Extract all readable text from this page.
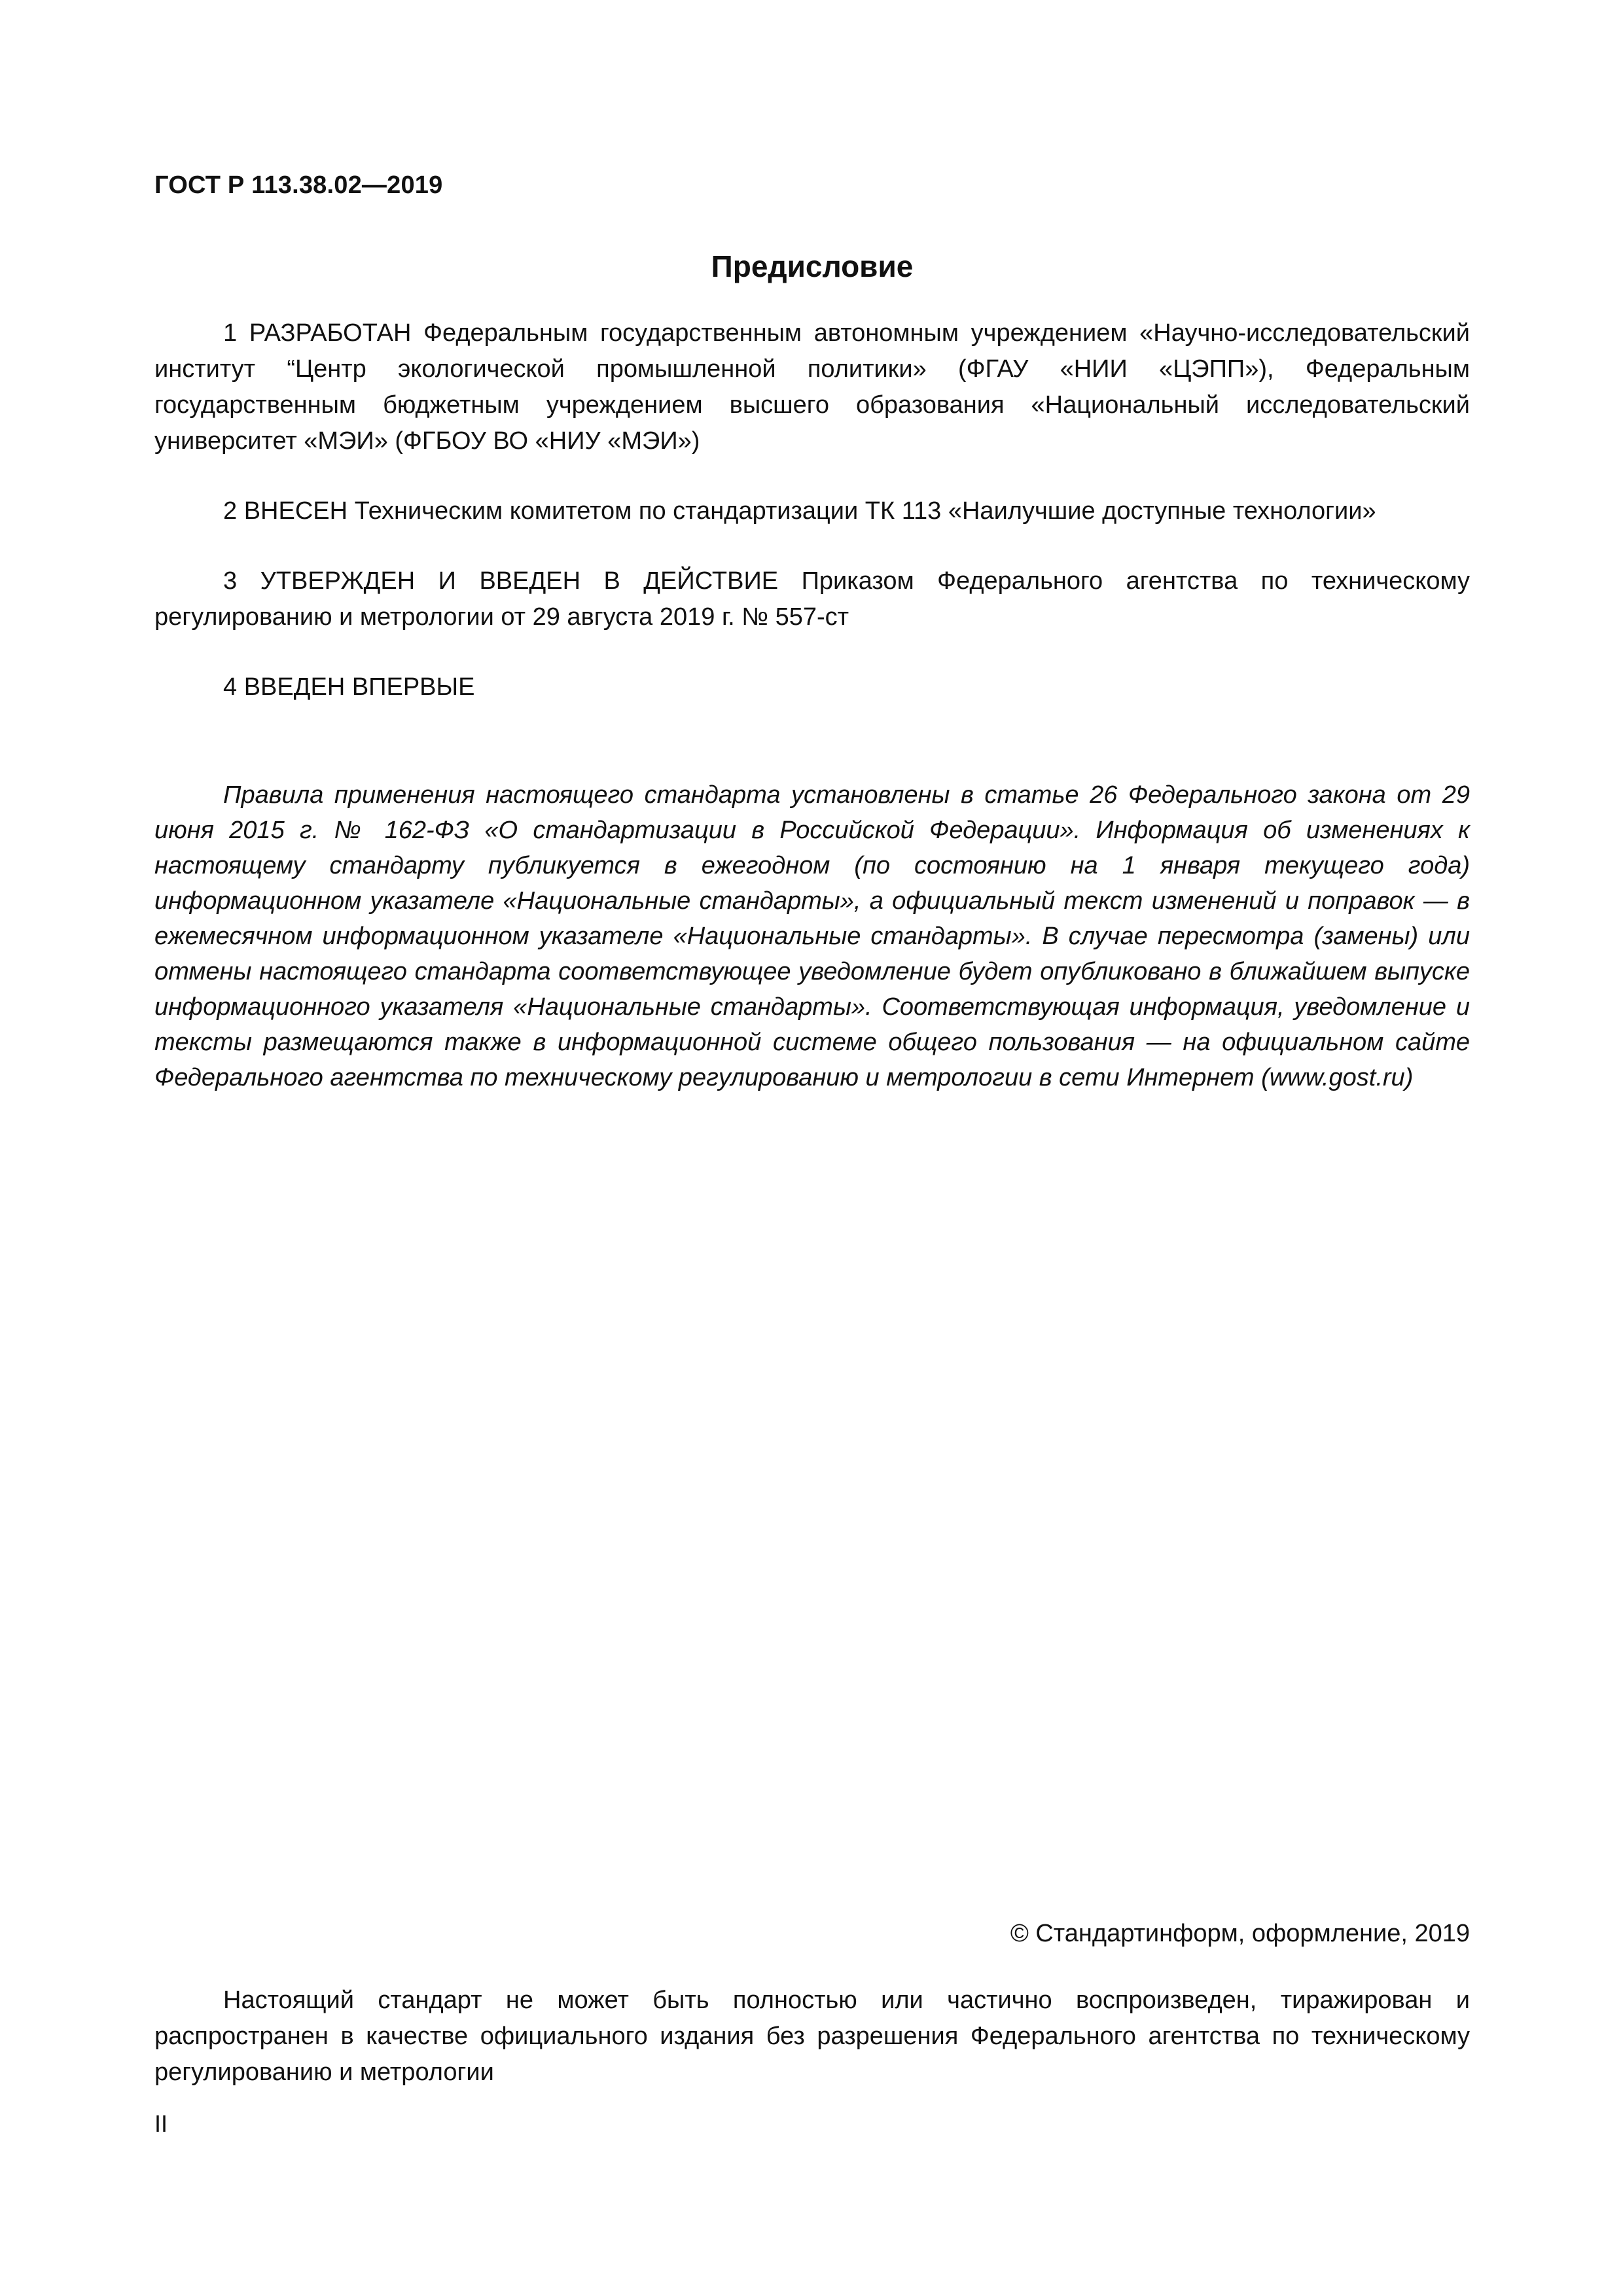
ГОСТ Р 113.38.02—2019

Предисловие
1 РАЗРАБОТАН Федеральным государственным автономным учреждением «Научно-исследовательский институт “Центр экологической промышленной политики» (ФГАУ «НИИ «ЦЭПП»), Федеральным государственным бюджетным учреждением высшего образования «Национальный исследовательский университет «МЭИ» (ФГБОУ ВО «НИУ «МЭИ»)
2 ВНЕСЕН Техническим комитетом по стандартизации ТК 113 «Наилучшие доступные технологии»
3 УТВЕРЖДЕН И ВВЕДЕН В ДЕЙСТВИЕ Приказом Федерального агентства по техническому регулированию и метрологии от 29 августа 2019 г. № 557-ст
4 ВВЕДЕН ВПЕРВЫЕ

Правила применения настоящего стандарта установлены в статье 26 Федерального закона от 29 июня 2015 г. № 162-ФЗ «О стандартизации в Российской Федерации». Информация об изменениях к настоящему стандарту публикуется в ежегодном (по состоянию на 1 января текущего года) информационном указателе «Национальные стандарты», а официальный текст изменений и поправок — в ежемесячном информационном указателе «Национальные стандарты». В случае пересмотра (замены) или отмены настоящего стандарта соответствующее уведомление будет опубликовано в ближайшем выпуске информационного указателя «Национальные стандарты». Соответствующая информация, уведомление и тексты размещаются также в информационной системе общего пользования — на официальном сайте Федерального агентства по техническому регулированию и метрологии в сети Интернет (www.gost.ru)

© Стандартинформ, оформление, 2019

Настоящий стандарт не может быть полностью или частично воспроизведен, тиражирован и распространен в качестве официального издания без разрешения Федерального агентства по техническому регулированию и метрологии

II
